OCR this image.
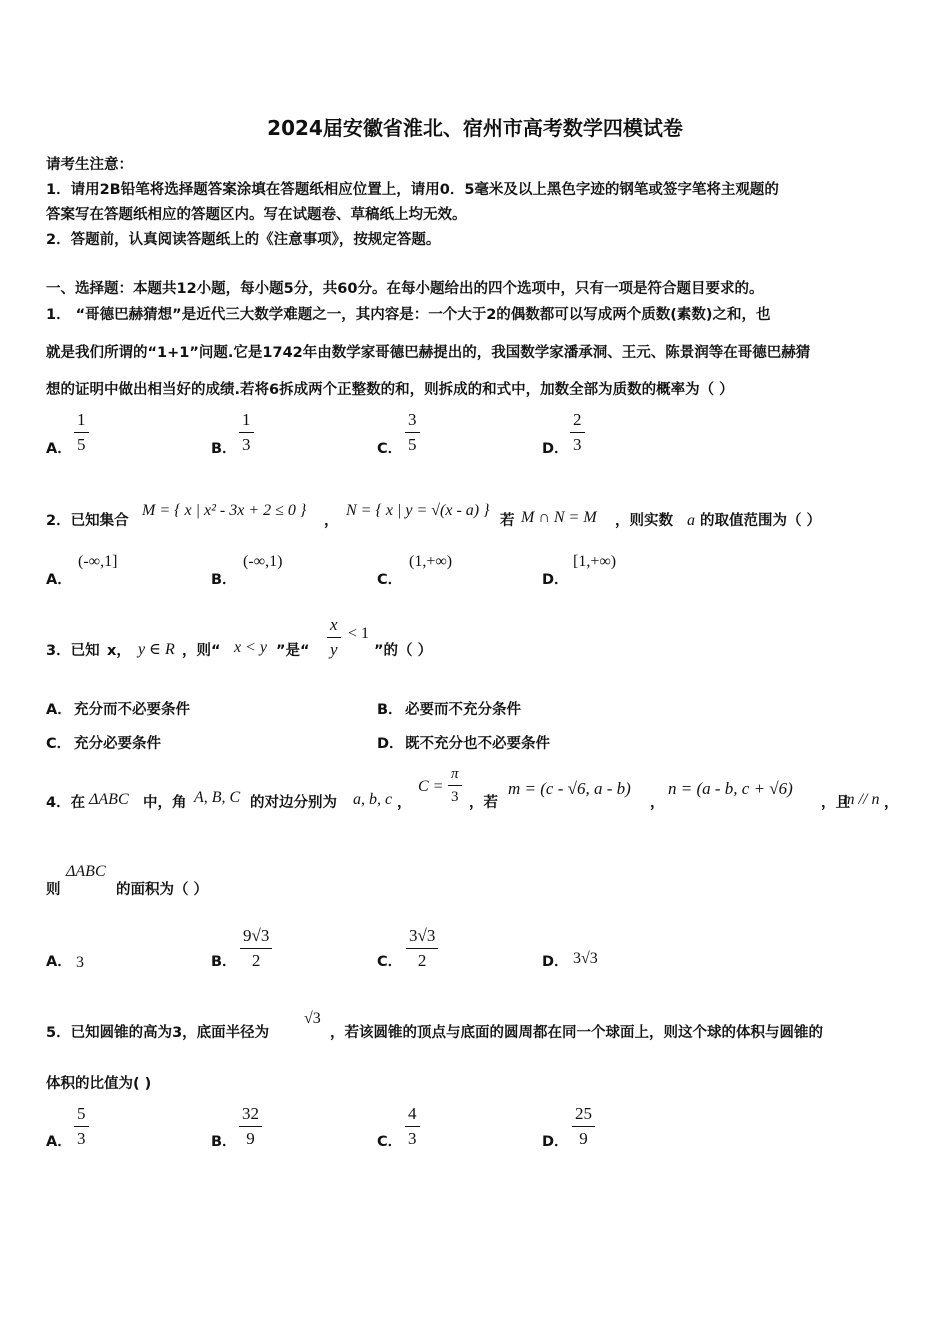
2024届安徽省淮北、宿州市高考数学四模试卷
请考生注意：
1．请用2B铅笔将选择题答案涂填在答题纸相应位置上，请用0．5毫米及以上黑色字迹的钢笔或签字笔将主观题的
答案写在答题纸相应的答题区内。写在试题卷、草稿纸上均无效。
2．答题前，认真阅读答题纸上的《注意事项》，按规定答题。
一、选择题：本题共12小题，每小题5分，共60分。在每小题给出的四个选项中，只有一项是符合题目要求的。
1． “哥德巴赫猜想”是近代三大数学难题之一，其内容是：一个大于2的偶数都可以写成两个质数(素数)之和，也
就是我们所谓的“1+1”问题.它是1742年由数学家哥德巴赫提出的，我国数学家潘承洞、王元、陈景润等在哥德巴赫猜
想的证明中做出相当好的成绩.若将6拆成两个正整数的和，则拆成的和式中，加数全部为质数的概率为（ ）
A． $\frac{1}{5}$	B． $\frac{1}{3}$	C． $\frac{3}{5}$	D． $\frac{2}{3}$
2．已知集合
M = { x | x² - 3x + 2 ≤ 0 }
，
N = { x | y = √(x - a) }
若 M ∩ N = M ，则实数 a 的取值范围为（ ）
A．
(-∞,1]
B．
(-∞,1)
C．
(1,+∞)
D．
[1,+∞)
3．已知 x， y ∈ R ，则“ x < y ”是“ $\frac{x}{y} < 1$
”的（ ）
A． 充分而不必要条件	B． 必要而不充分条件
C． 充分必要条件	D． 既不充分也不必要条件
4．在 ΔABC 中，角 A, B, C 的对边分别为 a, b, c ，
$C = \frac{\pi}{3}$ ，若
m = (c - √6, a - b)
，
n = (a - b, c + √6)
，且
m // n ，
则
ΔABC
的面积为（ ）
A． 3	B． $\frac{9√3}{2}$	C． $\frac{3√3}{2}$	D． 3√3
5．已知圆锥的高为3，底面半径为
√3
，若该圆锥的顶点与底面的圆周都在同一个球面上，则这个球的体积与圆锥的
体积的比值为( )
A． $\frac{5}{3}$	B． $\frac{32}{9}$	C． $\frac{4}{3}$	D． $\frac{25}{9}$
